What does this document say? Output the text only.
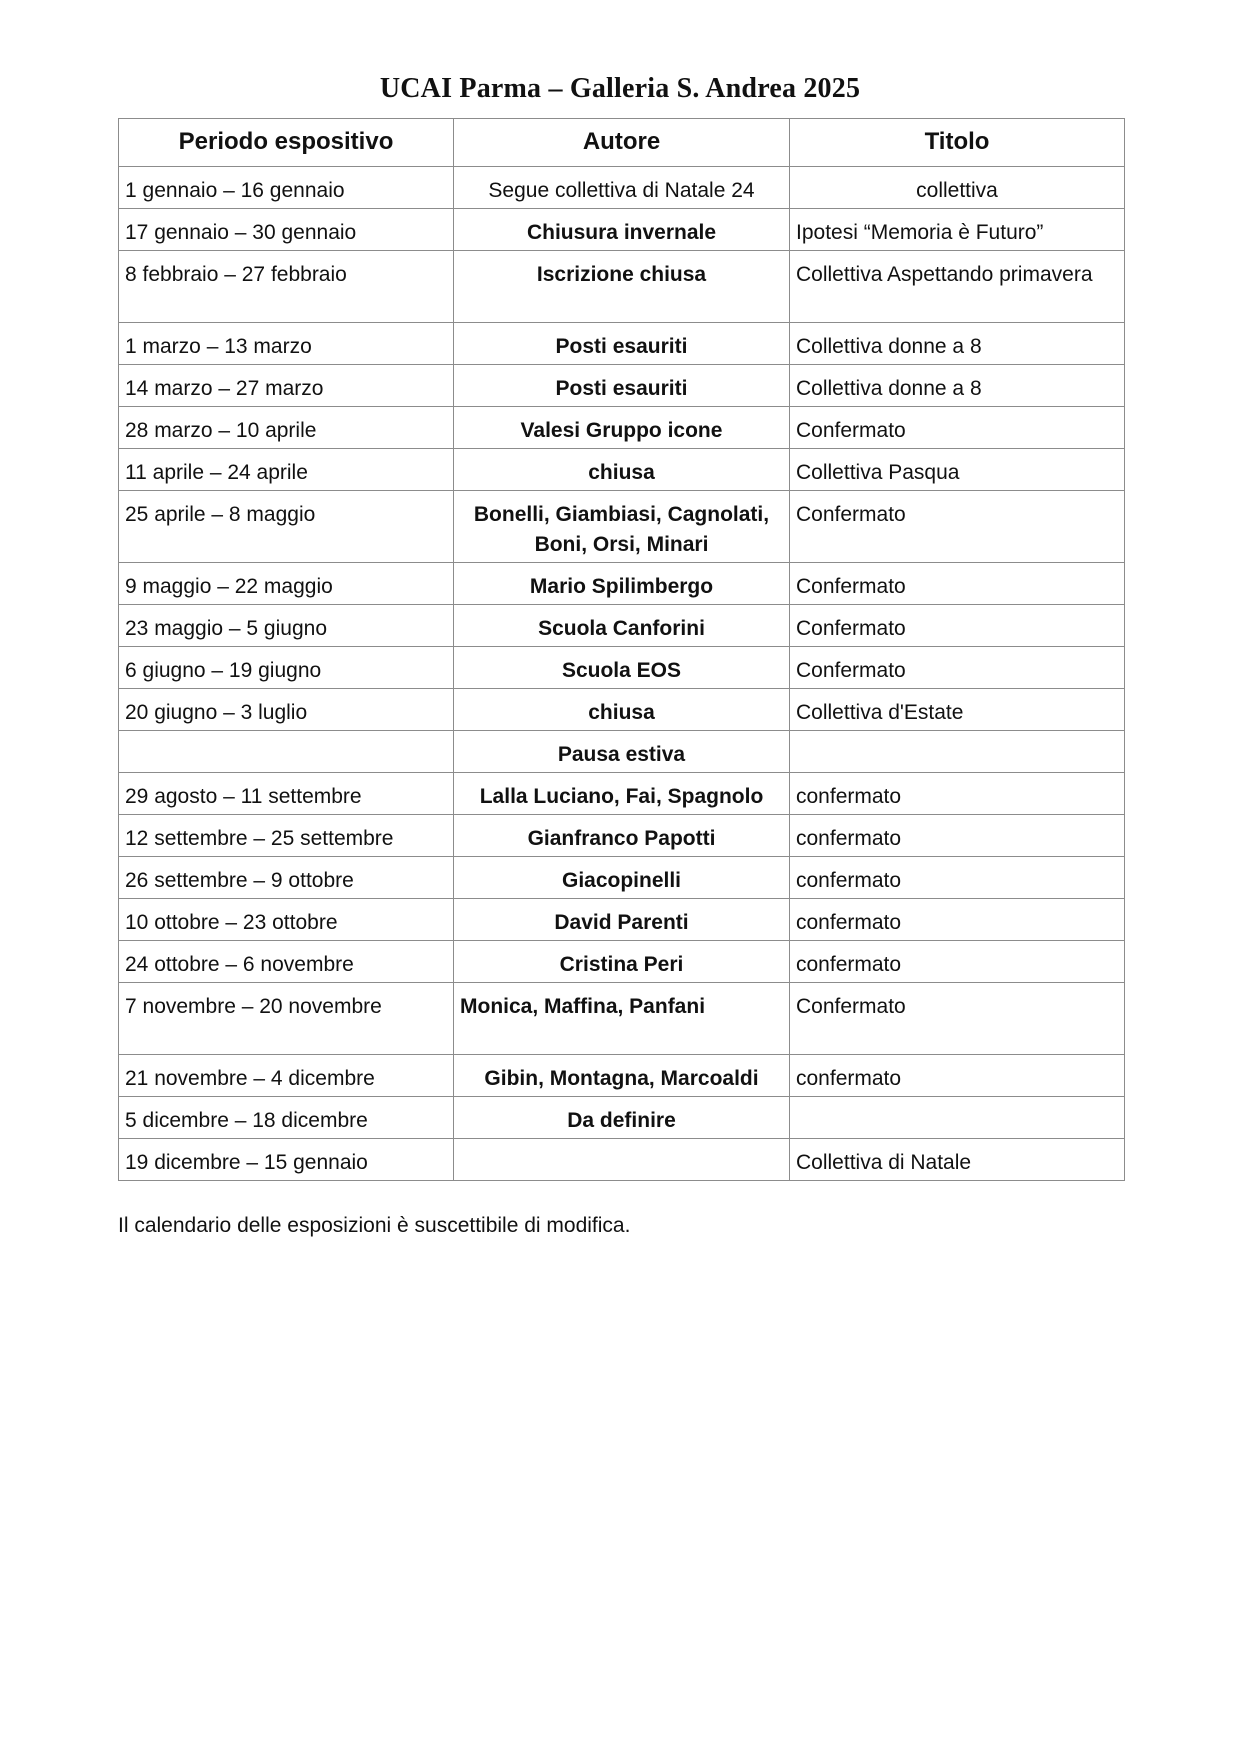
UCAI Parma – Galleria S. Andrea 2025
Periodo espositivo	Autore	Titolo
1 gennaio – 16 gennaio	Segue collettiva di Natale 24	collettiva
17 gennaio – 30 gennaio	Chiusura invernale	Ipotesi “Memoria è Futuro”
8 febbraio – 27 febbraio	Iscrizione chiusa	Collettiva Aspettando primavera
1 marzo – 13 marzo	Posti esauriti	Collettiva donne a 8
14 marzo – 27 marzo	Posti esauriti	Collettiva donne a 8
28 marzo – 10 aprile	Valesi Gruppo icone	Confermato
11 aprile – 24 aprile	chiusa	Collettiva Pasqua
25 aprile – 8 maggio	Bonelli, Giambiasi, Cagnolati, Boni, Orsi, Minari	Confermato
9 maggio – 22 maggio	Mario Spilimbergo	Confermato
23 maggio – 5 giugno	Scuola Canforini	Confermato
6 giugno – 19 giugno	Scuola EOS	Confermato
20 giugno – 3 luglio	chiusa	Collettiva d'Estate
	Pausa estiva	
29 agosto – 11 settembre	Lalla Luciano, Fai, Spagnolo	confermato
12 settembre – 25 settembre	Gianfranco Papotti	confermato
26 settembre – 9 ottobre	Giacopinelli	confermato
10 ottobre – 23 ottobre	David Parenti	confermato
24 ottobre – 6 novembre	Cristina Peri	confermato
7 novembre – 20 novembre	Monica, Maffina, Panfani	Confermato
21 novembre – 4 dicembre	Gibin, Montagna, Marcoaldi	confermato
5 dicembre – 18 dicembre	Da definire	
19 dicembre – 15 gennaio		Collettiva di Natale
Il calendario delle esposizioni è suscettibile di modifica.
